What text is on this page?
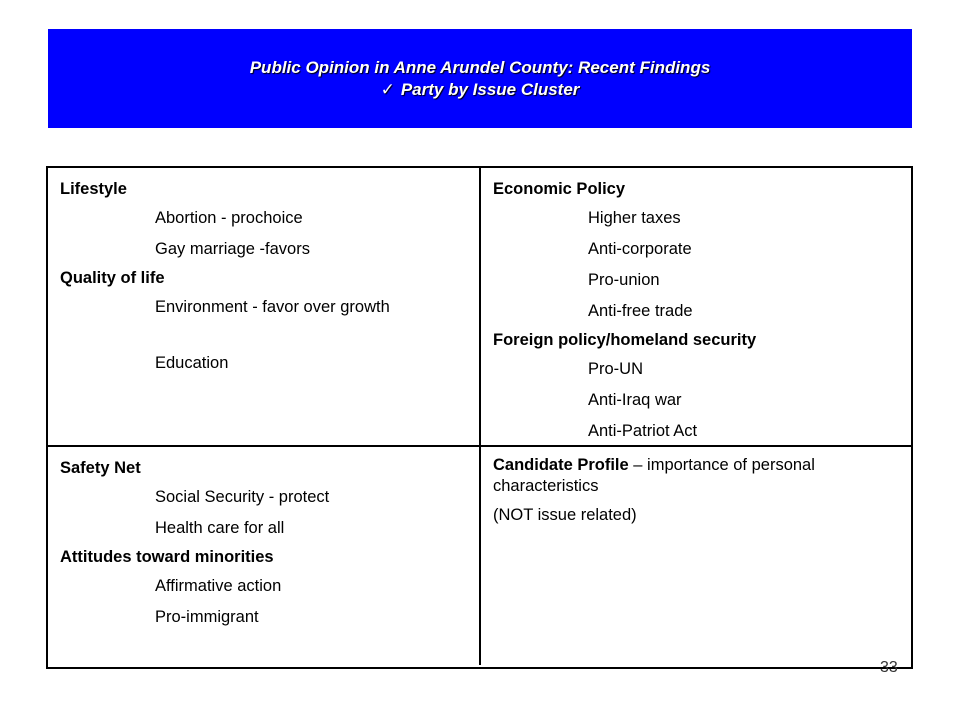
Public Opinion in Anne Arundel County: Recent Findings
✓ Party by Issue Cluster
Lifestyle
Abortion - prochoice
Gay marriage -favors
Quality of life
Environment - favor over growth
Education
Economic Policy
Higher taxes
Anti-corporate
Pro-union
Anti-free trade
Foreign policy/homeland security
Pro-UN
Anti-Iraq war
Anti-Patriot Act
Safety Net
Social Security - protect
Health care for all
Attitudes toward minorities
Affirmative action
Pro-immigrant
Candidate Profile – importance of personal characteristics
(NOT issue related)
33
